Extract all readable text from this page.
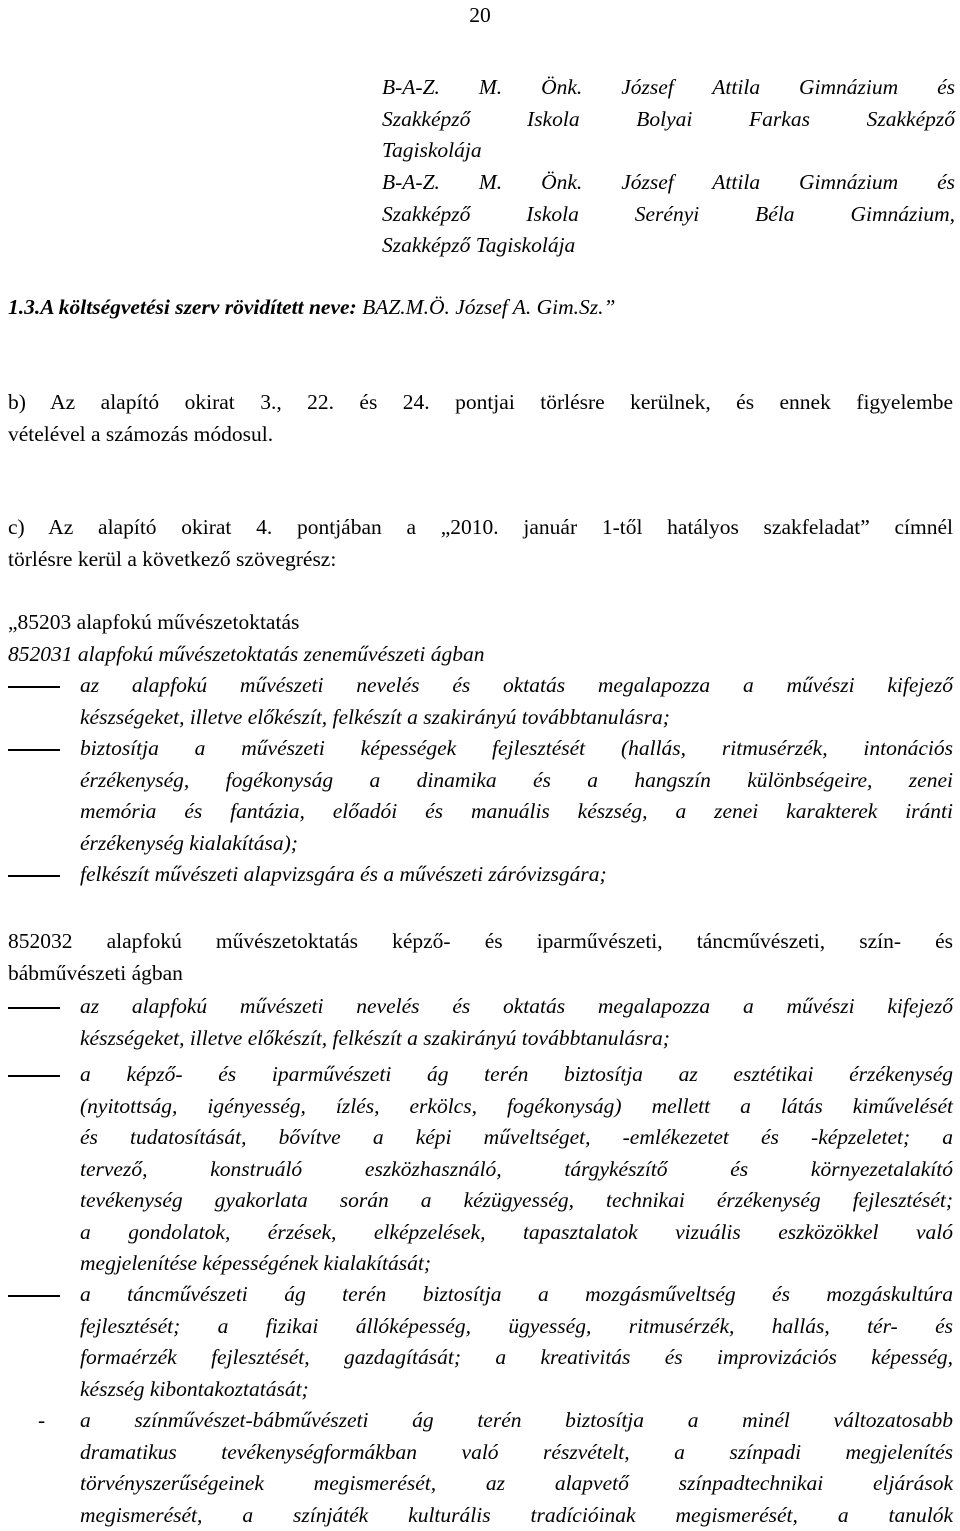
20

B-A-Z. M. Önk. József Attila Gimnázium és

Szakképző Iskola Bolyai Farkas Szakképző

Tagiskolája

B-A-Z. M. Önk. József Attila Gimnázium és

Szakképző Iskola Serényi Béla Gimnázium,

Szakképző Tagiskolája

1.3.A költségvetési szerv rövidített neve: BAZ.M.Ö. József A. Gim.Sz.”

b) Az alapító okirat 3., 22. és 24. pontjai törlésre kerülnek, és ennek figyelembe

vételével a számozás módosul.

c) Az alapító okirat 4. pontjában a „2010. január 1-től hatályos szakfeladat” címnél

törlésre kerül a következő szövegrész:

„85203 alapfokú művészetoktatás

852031 alapfokú művészetoktatás zeneművészeti ágban

az alapfokú művészeti nevelés és oktatás megalapozza a művészi kifejező

készségeket, illetve előkészít, felkészít a szakirányú továbbtanulásra;

biztosítja a művészeti képességek fejlesztését (hallás, ritmusérzék, intonációs

érzékenység, fogékonyság a dinamika és a hangszín különbségeire, zenei

memória és fantázia, előadói és manuális készség, a zenei karakterek iránti

érzékenység kialakítása);

felkészít művészeti alapvizsgára és a művészeti záróvizsgára;

852032 alapfokú művészetoktatás képző- és iparművészeti, táncművészeti, szín- és

bábművészeti ágban

az alapfokú művészeti nevelés és oktatás megalapozza a művészi kifejező

készségeket, illetve előkészít, felkészít a szakirányú továbbtanulásra;

a képző- és iparművészeti ág terén biztosítja az esztétikai érzékenység

(nyitottság, igényesség, ízlés, erkölcs, fogékonyság) mellett a látás kiművelését

és tudatosítását, bővítve a képi műveltséget, -emlékezetet és -képzeletet; a

tervező, konstruáló eszközhasználó, tárgykészítő és környezetalakító

tevékenység gyakorlata során a kézügyesség, technikai érzékenység fejlesztését;

a gondolatok, érzések, elképzelések, tapasztalatok vizuális eszközökkel való

megjelenítése képességének kialakítását;

a táncművészeti ág terén biztosítja a mozgásműveltség és mozgáskultúra

fejlesztését; a fizikai állóképesség, ügyesség, ritmusérzék, hallás, tér- és

formaérzék fejlesztését, gazdagítását; a kreativitás és improvizációs képesség,

készség kibontakoztatását;

- a színművészet-bábművészeti ág terén biztosítja a minél változatosabb

dramatikus tevékenységformákban való részvételt, a színpadi megjelenítés

törvényszerűségeinek megismerését, az alapvető színpadtechnikai eljárások

megismerését, a színjáték kulturális tradícióinak megismerését, a tanulók
